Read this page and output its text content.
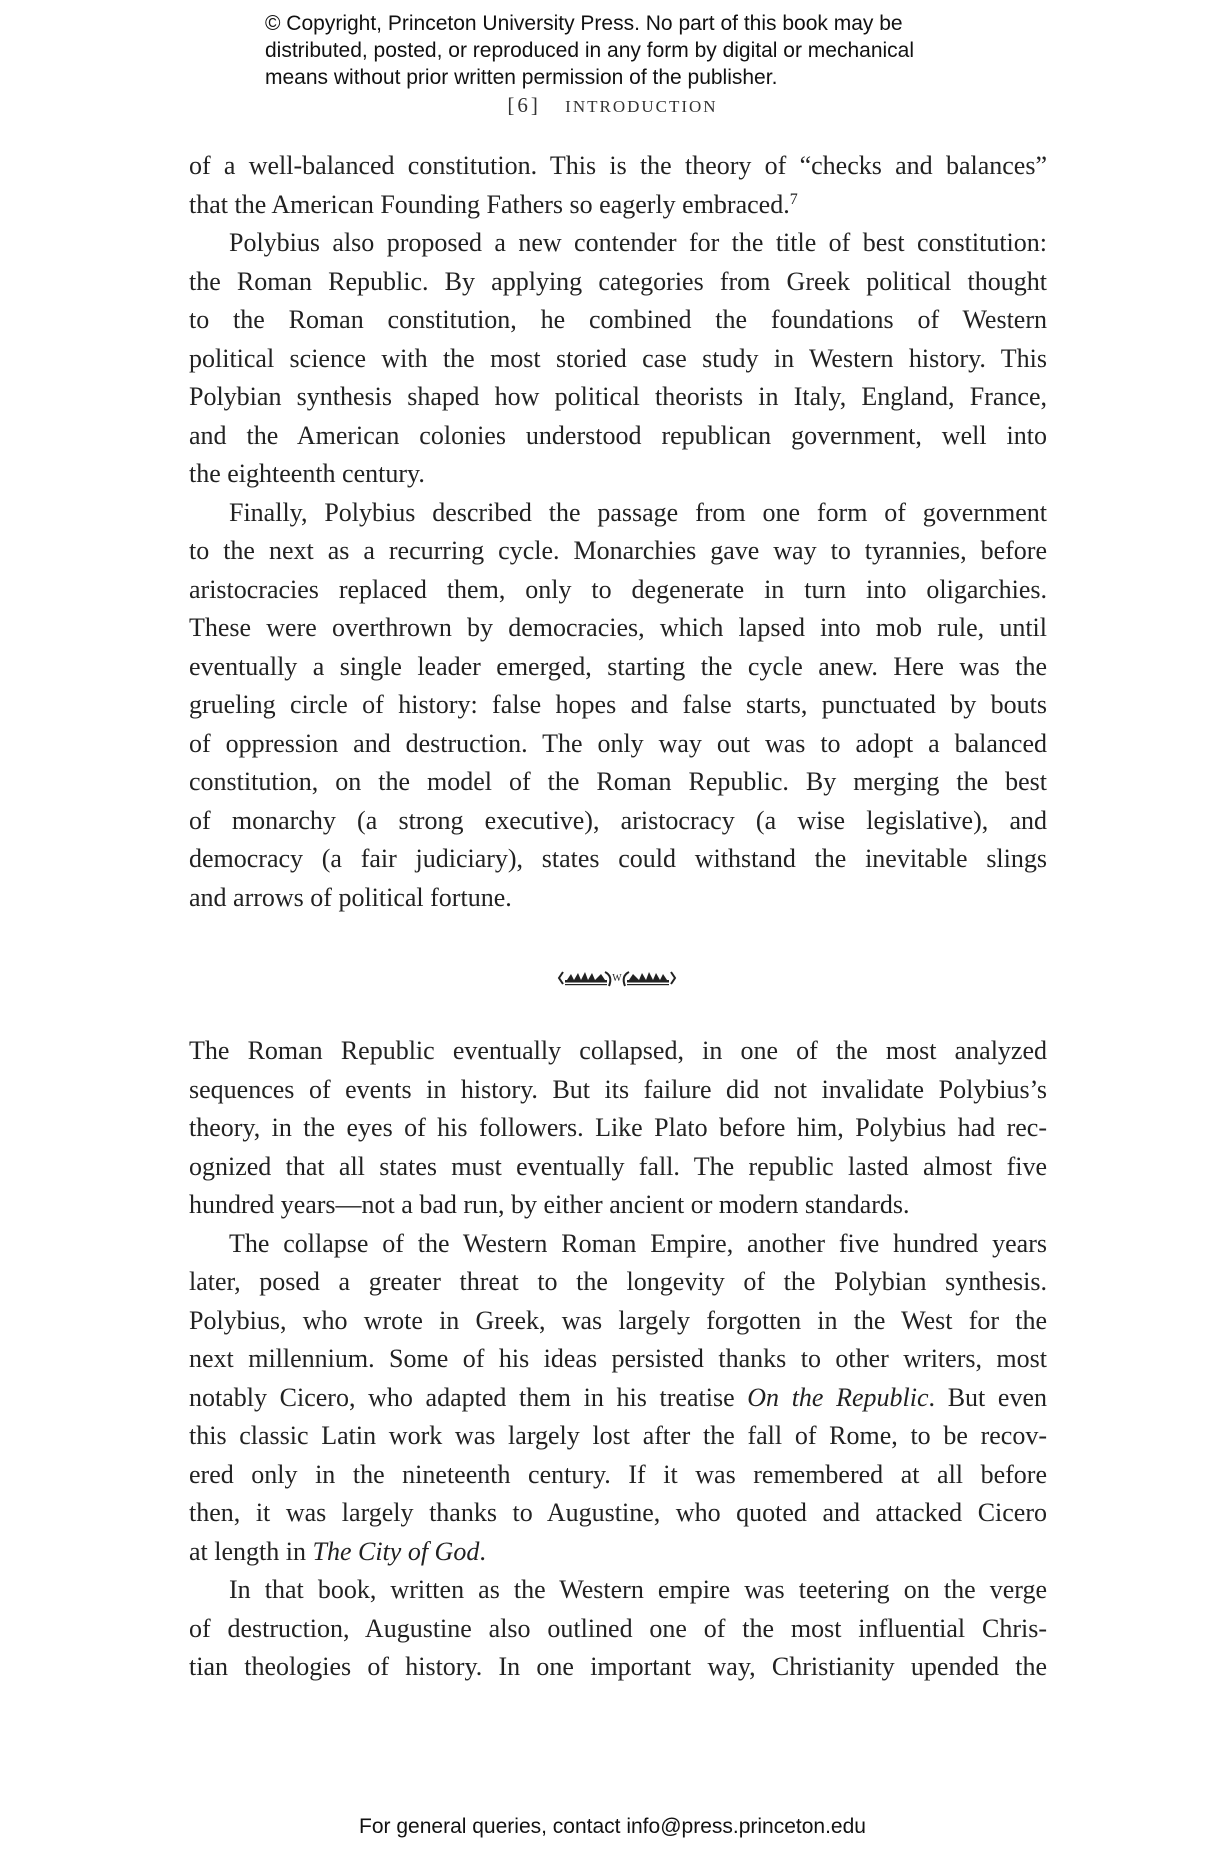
© Copyright, Princeton University Press. No part of this book may be
distributed, posted, or reproduced in any form by digital or mechanical
means without prior written permission of the publisher.
[6] introduction
of a well-balanced constitution. This is the theory of “checks and balances”
that the American Founding Fathers so eagerly embraced.$^7$
Polybius also proposed a new contender for the title of best constitution:
the Roman Republic. By applying categories from Greek political thought
to the Roman constitution, he combined the foundations of Western
political science with the most storied case study in Western history. This
Polybian synthesis shaped how political theorists in Italy, England, France,
and the American colonies understood republican government, well into
the eighteenth century.
Finally, Polybius described the passage from one form of government
to the next as a recurring cycle. Monarchies gave way to tyrannies, before
aristocracies replaced them, only to degenerate in turn into oligarchies.
These were overthrown by democracies, which lapsed into mob rule, until
eventually a single leader emerged, starting the cycle anew. Here was the
grueling circle of history: false hopes and false starts, punctuated by bouts
of oppression and destruction. The only way out was to adopt a balanced
constitution, on the model of the Roman Republic. By merging the best
of monarchy (a strong executive), aristocracy (a wise legislative), and
democracy (a fair judiciary), states could withstand the inevitable slings
and arrows of political fortune.
W
The Roman Republic eventually collapsed, in one of the most analyzed
sequences of events in history. But its failure did not invalidate Polybius’s
theory, in the eyes of his followers. Like Plato before him, Polybius had rec-
ognized that all states must eventually fall. The republic lasted almost five
hundred years—not a bad run, by either ancient or modern standards.
The collapse of the Western Roman Empire, another five hundred years
later, posed a greater threat to the longevity of the Polybian synthesis.
Polybius, who wrote in Greek, was largely forgotten in the West for the
next millennium. Some of his ideas persisted thanks to other writers, most
notably Cicero, who adapted them in his treatise On the Republic. But even
this classic Latin work was largely lost after the fall of Rome, to be recov-
ered only in the nineteenth century. If it was remembered at all before
then, it was largely thanks to Augustine, who quoted and attacked Cicero
at length in The City of God.
In that book, written as the Western empire was teetering on the verge
of destruction, Augustine also outlined one of the most influential Chris-
tian theologies of history. In one important way, Christianity upended the
For general queries, contact info@press.princeton.edu
